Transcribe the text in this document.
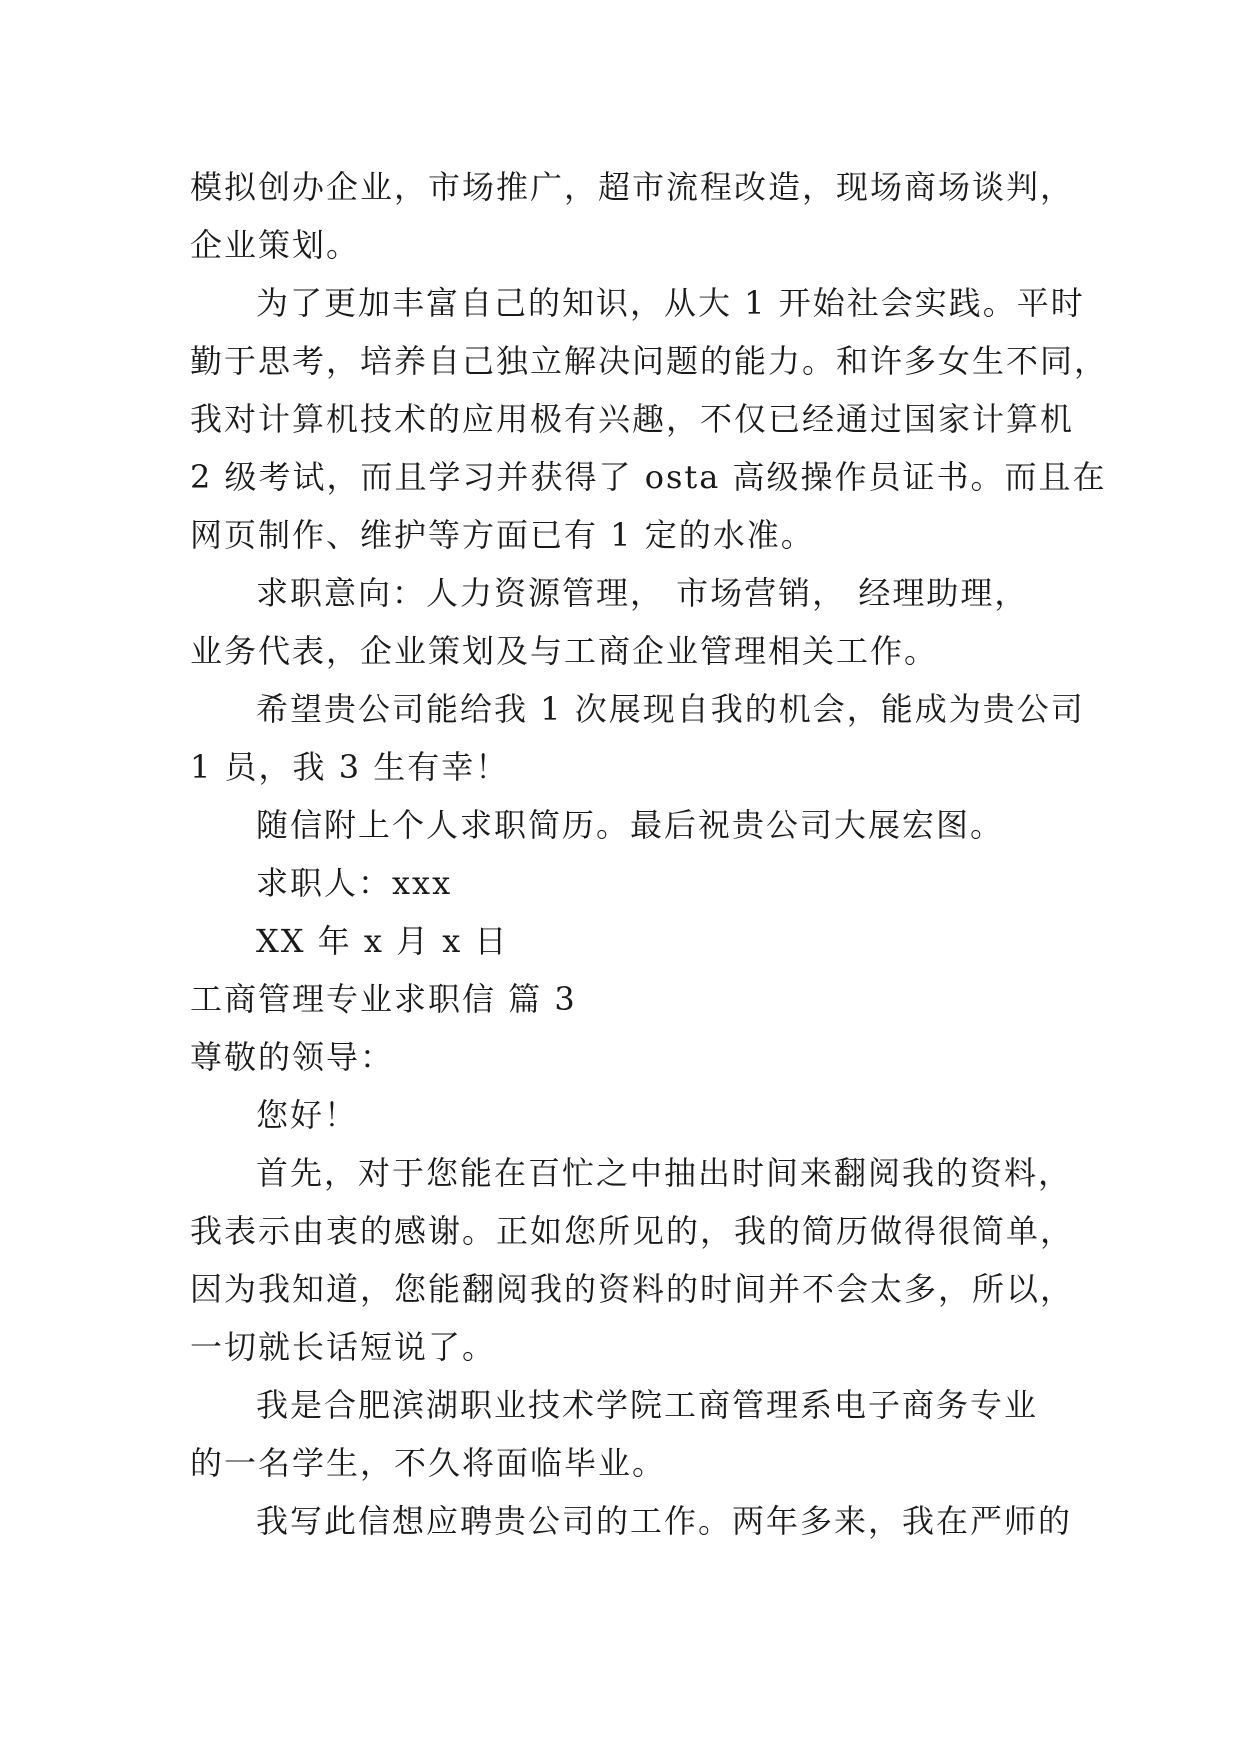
模拟创办企业，市场推广，超市流程改造，现场商场谈判，
企业策划。
为了更加丰富自己的知识，从大 1 开始社会实践。平时
勤于思考，培养自己独立解决问题的能力。和许多女生不同，
我对计算机技术的应用极有兴趣，不仅已经通过国家计算机
2 级考试，而且学习并获得了 osta 高级操作员证书。而且在
网页制作、维护等方面已有 1 定的水准。
求职意向：人力资源管理， 市场营销， 经理助理，
业务代表，企业策划及与工商企业管理相关工作。
希望贵公司能给我 1 次展现自我的机会，能成为贵公司
1 员，我 3 生有幸！
随信附上个人求职简历。最后祝贵公司大展宏图。
求职人：xxx
XX 年 x 月 x 日
工商管理专业求职信 篇 3
尊敬的领导：
您好！
首先，对于您能在百忙之中抽出时间来翻阅我的资料，
我表示由衷的感谢。正如您所见的，我的简历做得很简单，
因为我知道，您能翻阅我的资料的时间并不会太多，所以，
一切就长话短说了。
我是合肥滨湖职业技术学院工商管理系电子商务专业
的一名学生，不久将面临毕业。
我写此信想应聘贵公司的工作。两年多来，我在严师的
